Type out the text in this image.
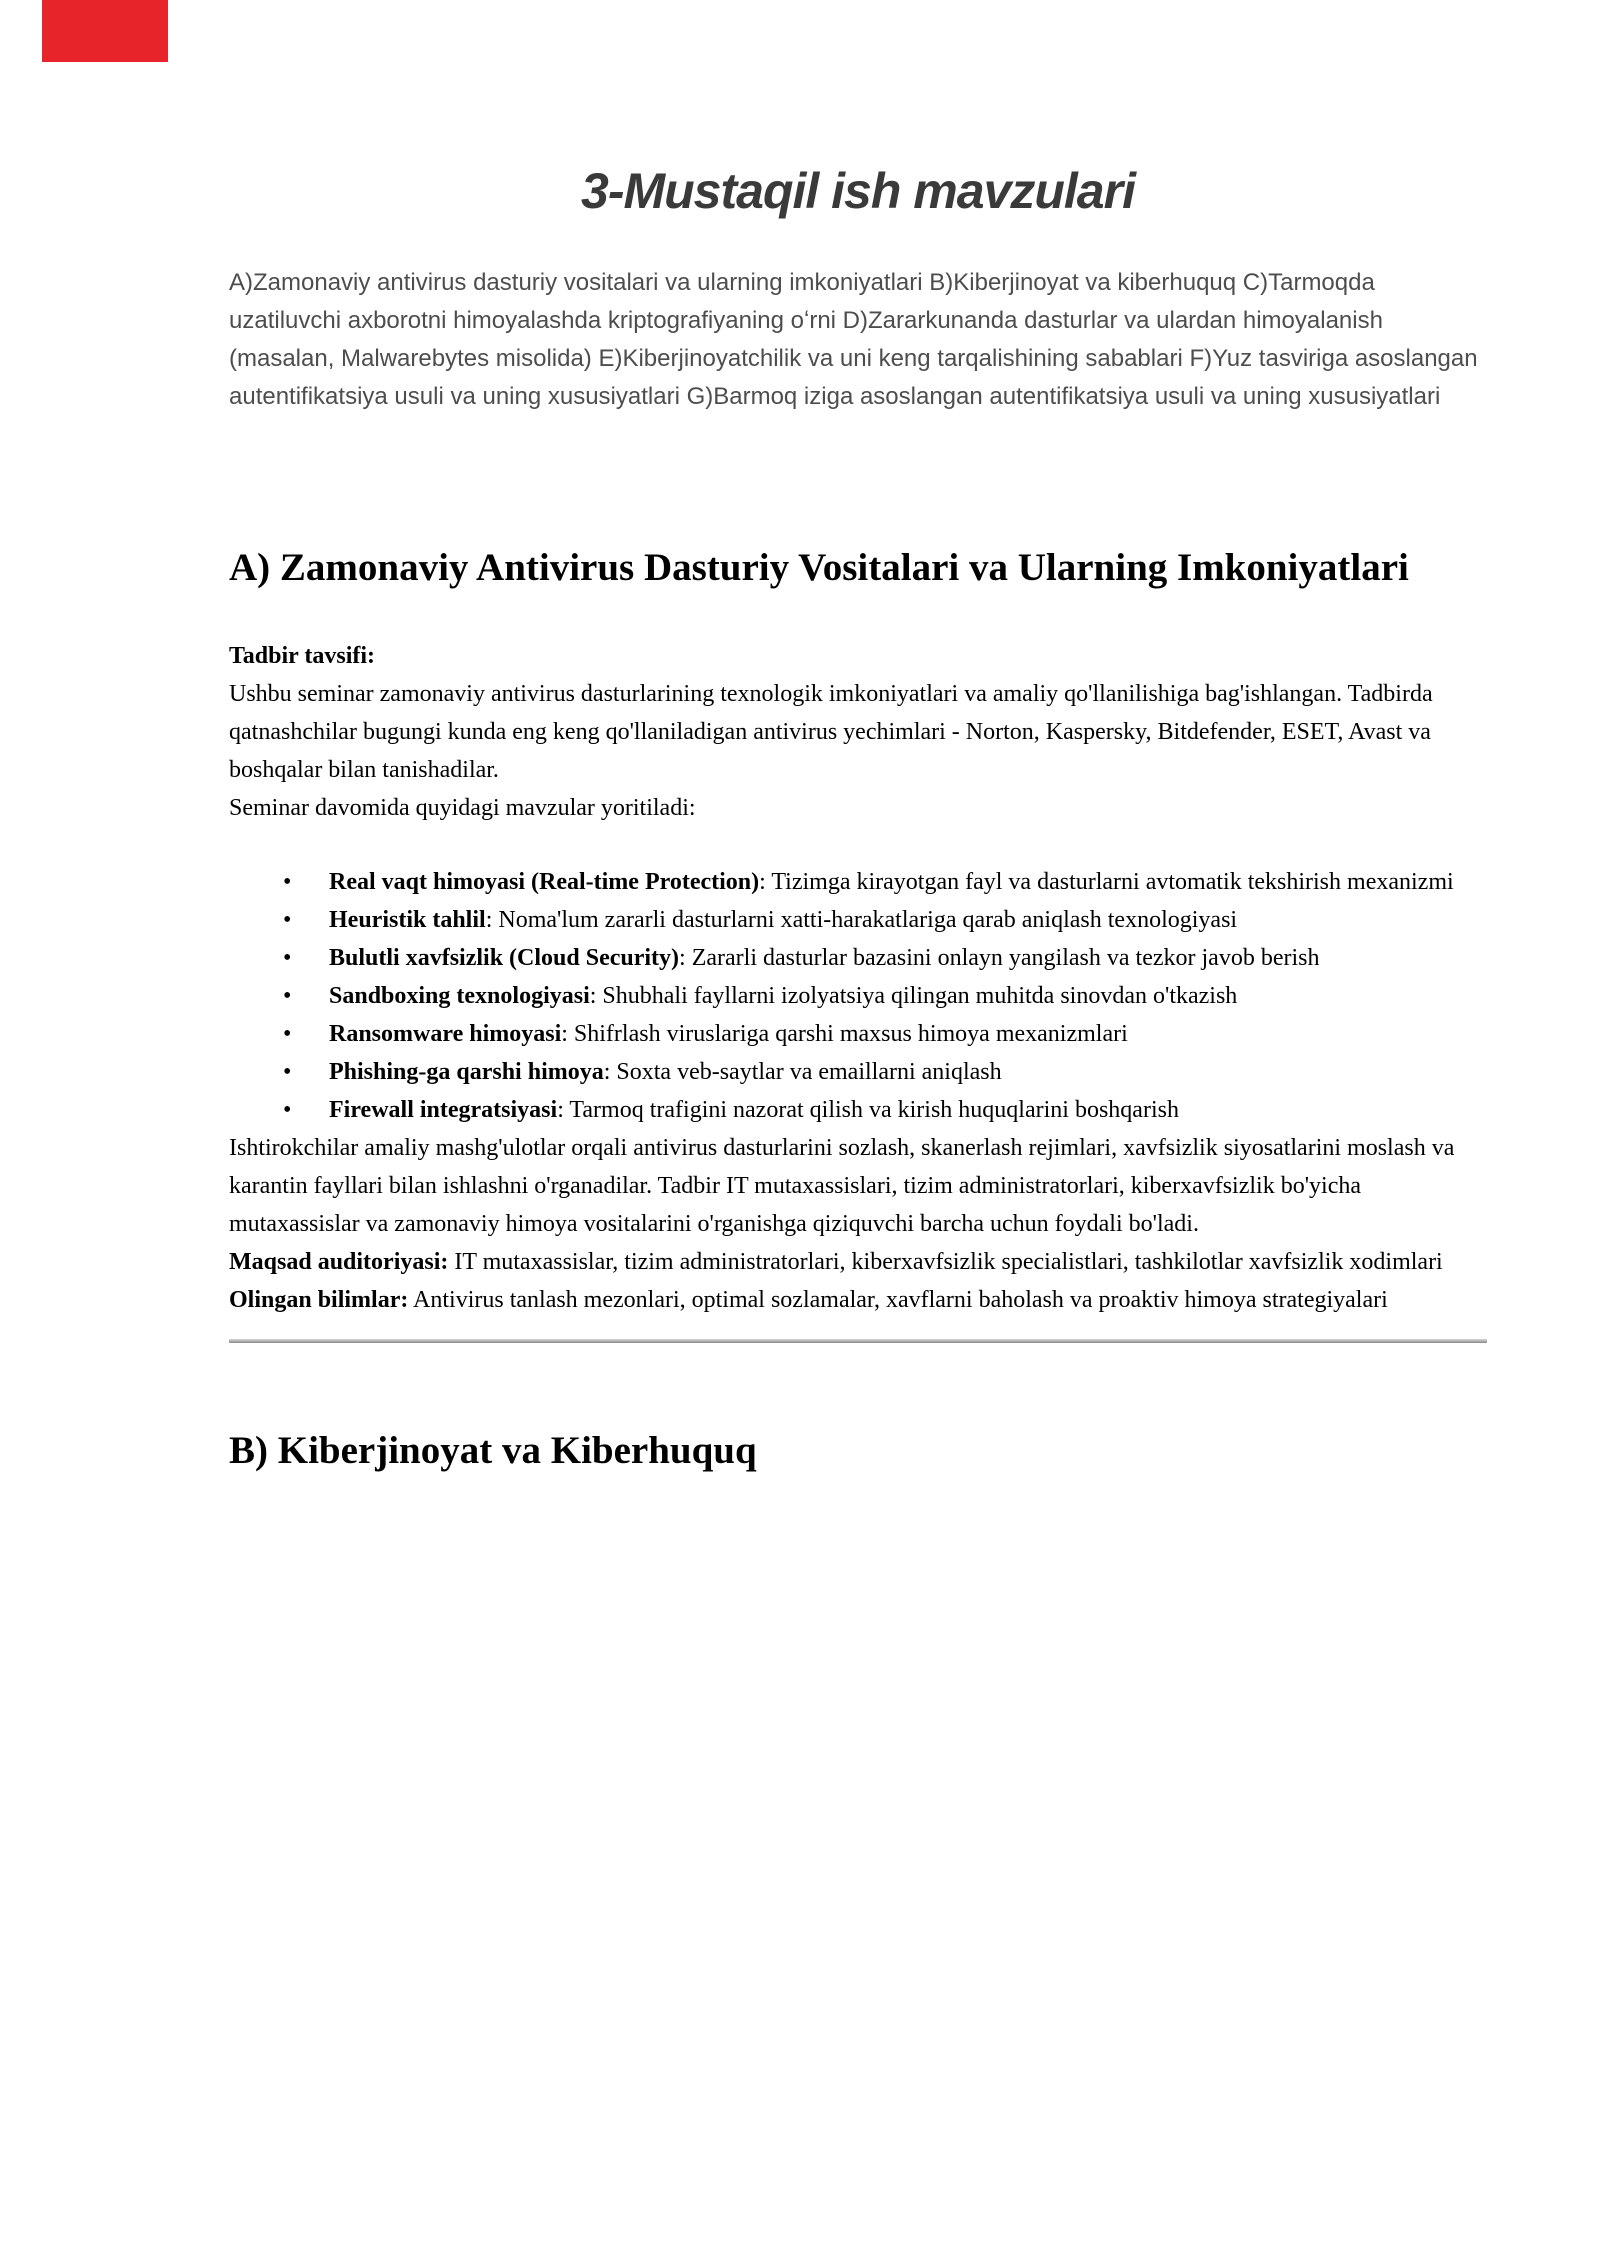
3-Mustaqil ish mavzulari

A)Zamonaviy antivirus dasturiy vositalari va ularning imkoniyatlari B)Kiberjinoyat va kiberhuquq C)Tarmoqda uzatiluvchi axborotni himoyalashda kriptografiyaning oʻrni D)Zararkunanda dasturlar va ulardan himoyalanish (masalan, Malwarebytes misolida) E)Kiberjinoyatchilik va uni keng tarqalishining sabablari F)Yuz tasviriga asoslangan autentifikatsiya usuli va uning xususiyatlari G)Barmoq iziga asoslangan autentifikatsiya usuli va uning xususiyatlari

A) Zamonaviy Antivirus Dasturiy Vositalari va Ularning Imkoniyatlari

Tadbir tavsifi:

Ushbu seminar zamonaviy antivirus dasturlarining texnologik imkoniyatlari va amaliy qo'llanilishiga bag'ishlangan. Tadbirda qatnashchilar bugungi kunda eng keng qo'llaniladigan antivirus yechimlari - Norton, Kaspersky, Bitdefender, ESET, Avast va boshqalar bilan tanishadilar.

Seminar davomida quyidagi mavzular yoritiladi:

• Real vaqt himoyasi (Real-time Protection): Tizimga kirayotgan fayl va dasturlarni avtomatik tekshirish mexanizmi
• Heuristik tahlil: Noma'lum zararli dasturlarni xatti-harakatlariga qarab aniqlash texnologiyasi
• Bulutli xavfsizlik (Cloud Security): Zararli dasturlar bazasini onlayn yangilash va tezkor javob berish
• Sandboxing texnologiyasi: Shubhali fayllarni izolyatsiya qilingan muhitda sinovdan o'tkazish
• Ransomware himoyasi: Shifrlash viruslariga qarshi maxsus himoya mexanizmlari
• Phishing-ga qarshi himoya: Soxta veb-saytlar va emaillarni aniqlash
• Firewall integratsiyasi: Tarmoq trafigini nazorat qilish va kirish huquqlarini boshqarish

Ishtirokchilar amaliy mashg'ulotlar orqali antivirus dasturlarini sozlash, skanerlash rejimlari, xavfsizlik siyosatlarini moslash va karantin fayllari bilan ishlashni o'rganadilar. Tadbir IT mutaxassislari, tizim administratorlari, kiberxavfsizlik bo'yicha mutaxassislar va zamonaviy himoya vositalarini o'rganishga qiziquvchi barcha uchun foydali bo'ladi.

Maqsad auditoriyasi: IT mutaxassislar, tizim administratorlari, kiberxavfsizlik specialistlari, tashkilotlar xavfsizlik xodimlari

Olingan bilimlar: Antivirus tanlash mezonlari, optimal sozlamalar, xavflarni baholash va proaktiv himoya strategiyalari

B) Kiberjinoyat va Kiberhuquq
